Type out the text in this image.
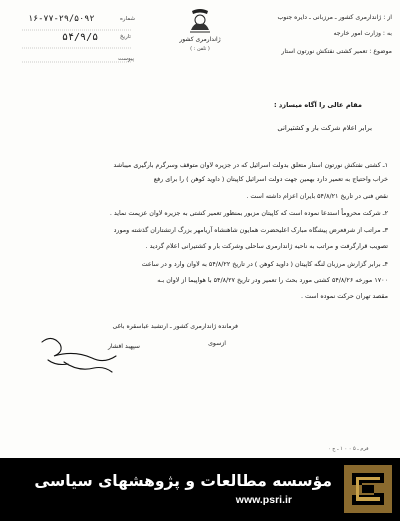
از : ژاندارمری کشور ـ مرزبانی ـ دایره جنوب
به : وزارت امور خارجه
موضوع : تعمیر کشتی نفتکش نورتون استار
ژاندارمری کشور
( تلفن : )
شماره
۱۶-۷۷-۲۹/۵۰۹۲
تاریخ
۵۴/۹/۵
پیوست
مقام عالی را آگاه میسازد :
برابر اعلام شرکت بار و کشتیرانی
۱ـ کشتی نفتکش نورتون استار متعلق بدولت اسرائیل که در جزیره لاوان متوقف وسرگرم بارگیری میباشد
خراب واحتیاج به تعمیر دارد بهمین جهت دولت اسرائیل کاپیتان ( داوید کوهن ) را برای رفع
نقص فنی در تاریخ ۵۴/۸/۲۱ بایران اعزام داشته است .
۲ـ شرکت محروماً استدعا نموده است که کاپیتان مزبور بمنظور تعمیر کشتی به جزیره لاوان عزیمت نماید .
۳ـ مراتب از شرفعرض پیشگاه مبارک اعلیحضرت همایون شاهنشاه آریامهر بزرگ ارتشتاران گذشته ومورد
تصویب قرارگرفت و مراتب به ناحیه ژاندارمری ساحلی وشرکت بار و کشتیرانی اعلام گردید .
۴ـ برابر گزارش مرزبان لنگه کاپیتان ( داوید کوهن ) در تاریخ ۵۴/۸/۲۲ به لاوان وارد و در ساعت
۱۷۰۰ مورخه ۵۴/۸/۲۶ کشتی مورد بحث را تعمیر ودر تاریخ ۵۴/۸/۲۷ با هواپیما از لاوان بـه
مقصد تهران حرکت نموده است .
فرمانده ژاندارمری کشور ـ ارتشبد عباسقره باغی
ازسوی
سپهبد افشار
فرم ـ ۵ ۰ ۰ ۱ ـ ج ۰
مؤسسه مطالعات و پژوهشهای سیاسی
www.psri.ir
